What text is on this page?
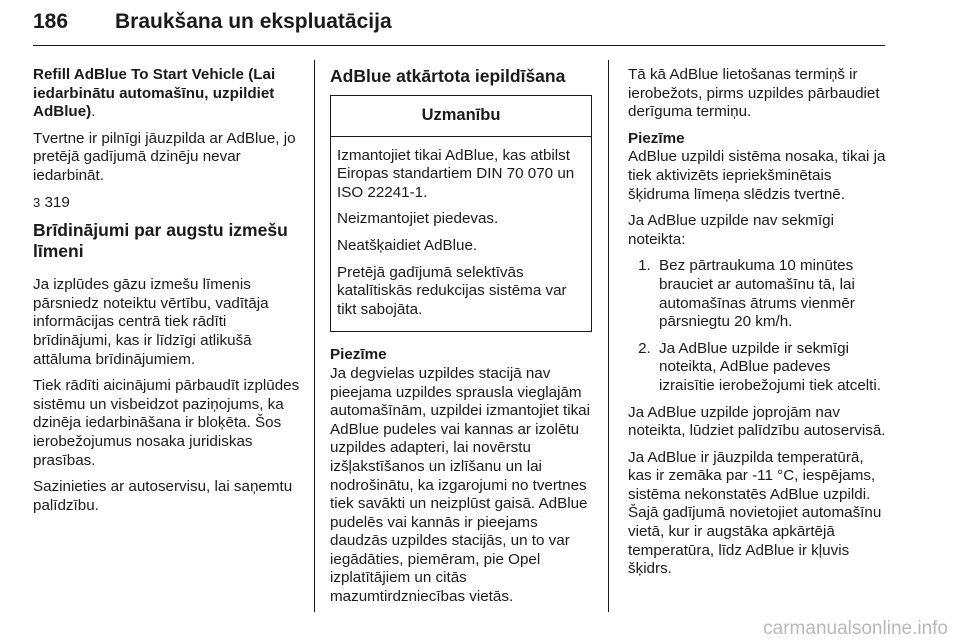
186 Braukšana un ekspluatācija

Refill AdBlue To Start Vehicle (Lai iedarbinātu automašīnu, uzpildiet AdBlue).

Tvertne ir pilnīgi jāuzpilda ar AdBlue, jo pretējā gadījumā dzinēju nevar iedarbināt.

3 319

Brīdinājumi par augstu izmešu līmeni

Ja izplūdes gāzu izmešu līmenis pārsniedz noteiktu vērtību, vadītāja informācijas centrā tiek rādīti brīdinājumi, kas ir līdzīgi atlikušā attāluma brīdinājumiem.

Tiek rādīti aicinājumi pārbaudīt izplūdes sistēmu un visbeidzot paziņojums, ka dzinēja iedarbināšana ir bloķēta. Šos ierobežojumus nosaka juridiskas prasības.

Sazinieties ar autoservisu, lai saņemtu palīdzību.

AdBlue atkārtota iepildīšana
Uzmanību

Izmantojiet tikai AdBlue, kas atbilst Eiropas standartiem DIN 70 070 un ISO 22241-1.

Neizmantojiet piedevas.

Neatšķaidiet AdBlue.

Pretējā gadījumā selektīvās katalītiskās redukcijas sistēma var tikt sabojāta.

Piezīme

Ja degvielas uzpildes stacijā nav pieejama uzpildes sprausla vieglajām automašīnām, uzpildei izmantojiet tikai AdBlue pudeles vai kannas ar izolētu uzpildes adapteri, lai novērstu izšļakstīšanos un izlīšanu un lai nodrošinātu, ka izgarojumi no tvertnes tiek savākti un neizplūst gaisā. AdBlue pudelēs vai kannās ir pieejams daudzās uzpildes stacijās, un to var iegādāties, piemēram, pie Opel izplatītājiem un citās mazumtirdzniecības vietās.

Tā kā AdBlue lietošanas termiņš ir ierobežots, pirms uzpildes pārbaudiet derīguma termiņu.

Piezīme

AdBlue uzpildi sistēma nosaka, tikai ja tiek aktivizēts iepriekšminētais šķidruma līmeņa slēdzis tvertnē.

Ja AdBlue uzpilde nav sekmīgi noteikta:

1. Bez pārtraukuma 10 minūtes brauciet ar automašīnu tā, lai automašīnas ātrums vienmēr pārsniegtu 20 km/h.
2. Ja AdBlue uzpilde ir sekmīgi noteikta, AdBlue padeves izraisītie ierobežojumi tiek atcelti.

Ja AdBlue uzpilde joprojām nav noteikta, lūdziet palīdzību autoservisā.

Ja AdBlue ir jāuzpilda temperatūrā, kas ir zemāka par -11 °C, iespējams, sistēma nekonstatēs AdBlue uzpildi. Šajā gadījumā novietojiet automašīnu vietā, kur ir augstāka apkārtējā temperatūra, līdz AdBlue ir kļuvis šķidrs.

carmanualsonline.info
